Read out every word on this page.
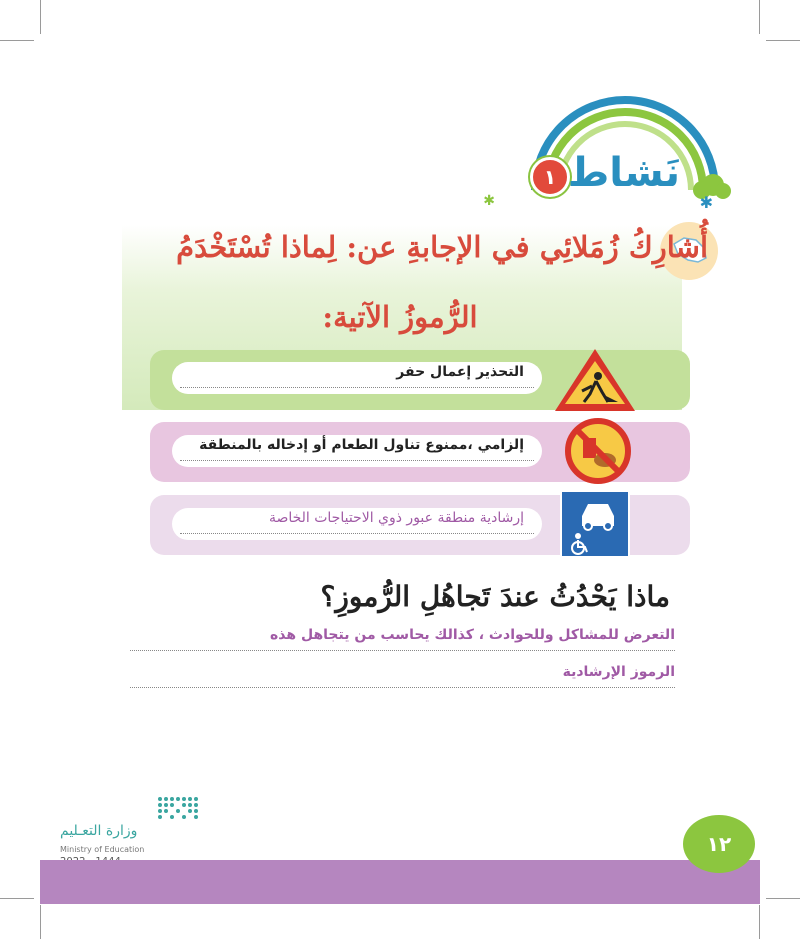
✱
✱
١ نَشاط
أُشارِكُ زُمَلائِي في الإجابةِ عن: لِماذا تُسْتَخْدَمُ
الرُّموزُ الآتية:
التحذير إعمال حفر
إلزامي ،ممنوع تناول الطعام أو إدخاله بالمنطقة
إرشادية منطقة عبور ذوي الاحتياجات الخاصة
ماذا يَحْدُثُ عندَ تَجاهُلِ الرُّموزِ؟
التعرض للمشاكل وللحوادث ، كذالك يحاسب من يتجاهل هذه
الرموز الإرشادية
وزارة التعـليم
Ministry of Education	١٢
